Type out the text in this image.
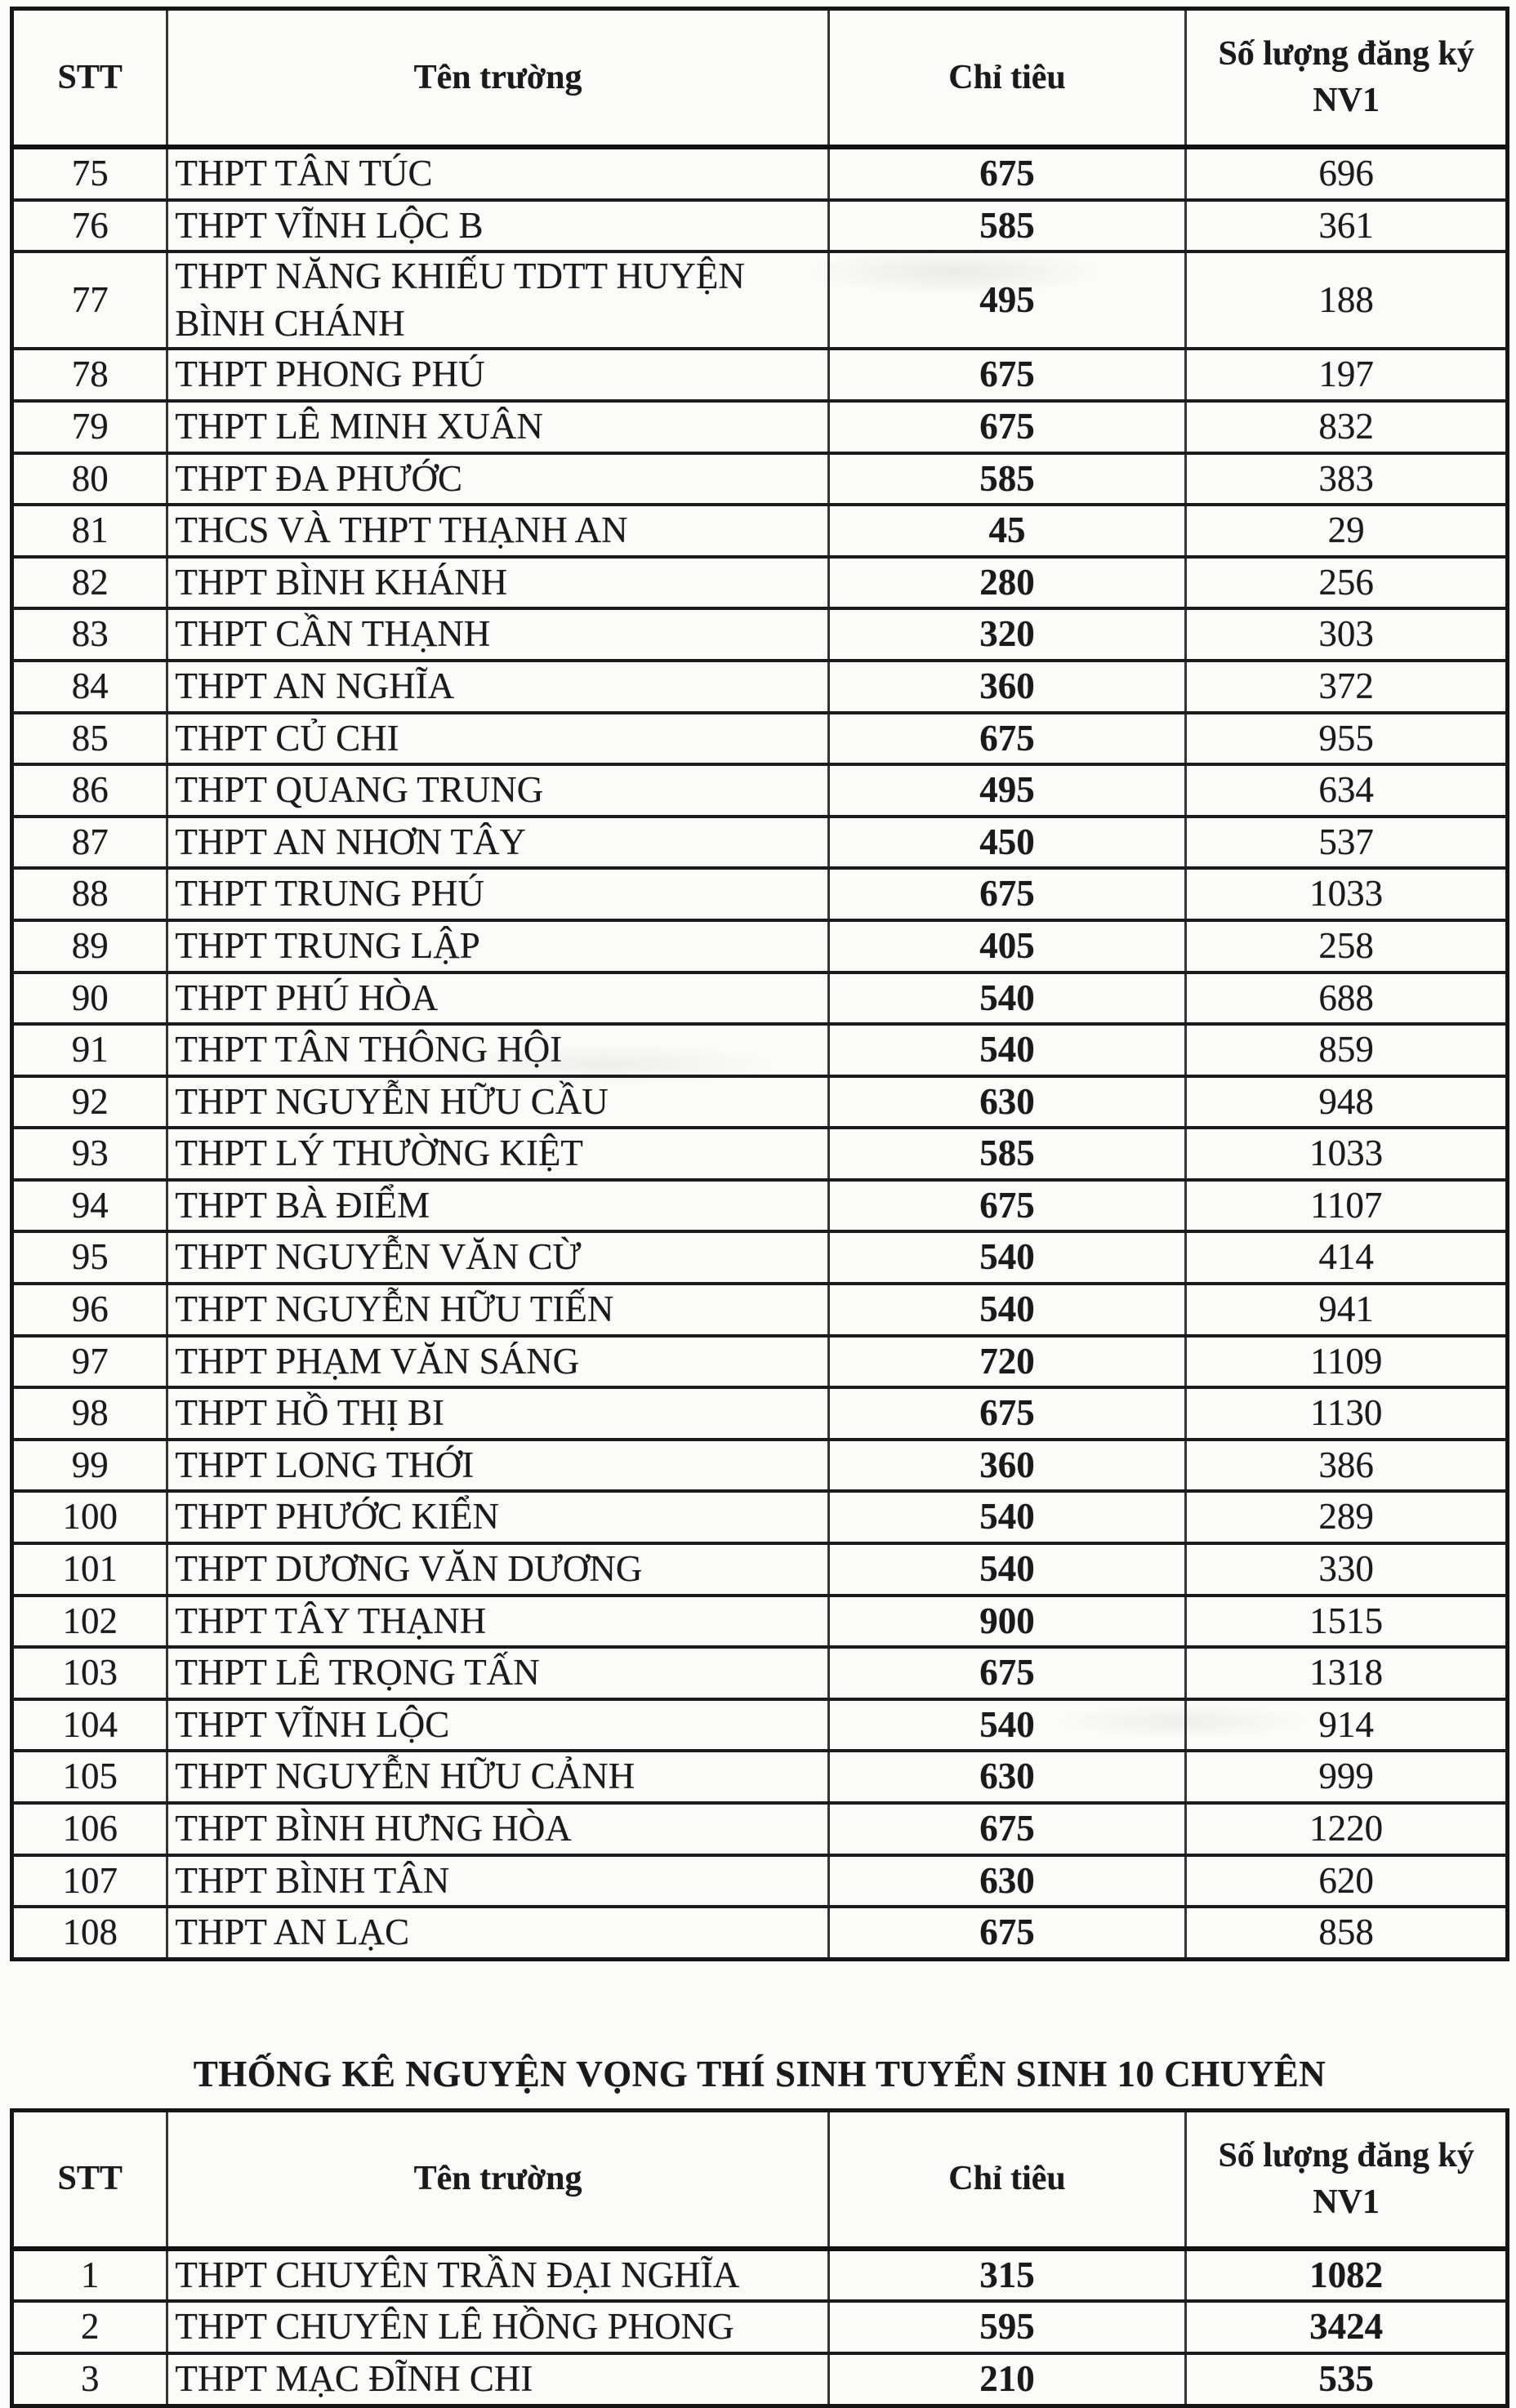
STT	Tên trường	Chỉ tiêu	Số lượng đăng ký NV1
75	THPT TÂN TÚC	675	696
76	THPT VĨNH LỘC B	585	361
77	THPT NĂNG KHIẾU TDTT HUYỆN BÌNH CHÁNH	495	188
78	THPT PHONG PHÚ	675	197
79	THPT LÊ MINH XUÂN	675	832
80	THPT ĐA PHƯỚC	585	383
81	THCS VÀ THPT THẠNH AN	45	29
82	THPT BÌNH KHÁNH	280	256
83	THPT CẦN THẠNH	320	303
84	THPT AN NGHĨA	360	372
85	THPT CỦ CHI	675	955
86	THPT QUANG TRUNG	495	634
87	THPT AN NHƠN TÂY	450	537
88	THPT TRUNG PHÚ	675	1033
89	THPT TRUNG LẬP	405	258
90	THPT PHÚ HÒA	540	688
91	THPT TÂN THÔNG HỘI	540	859
92	THPT NGUYỄN HỮU CẦU	630	948
93	THPT LÝ THƯỜNG KIỆT	585	1033
94	THPT BÀ ĐIỂM	675	1107
95	THPT NGUYỄN VĂN CỪ	540	414
96	THPT NGUYỄN HỮU TIẾN	540	941
97	THPT PHẠM VĂN SÁNG	720	1109
98	THPT HỒ THỊ BI	675	1130
99	THPT LONG THỚI	360	386
100	THPT PHƯỚC KIỂN	540	289
101	THPT DƯƠNG VĂN DƯƠNG	540	330
102	THPT TÂY THẠNH	900	1515
103	THPT LÊ TRỌNG TẤN	675	1318
104	THPT VĨNH LỘC	540	914
105	THPT NGUYỄN HỮU CẢNH	630	999
106	THPT BÌNH HƯNG HÒA	675	1220
107	THPT BÌNH TÂN	630	620
108	THPT AN LẠC	675	858
THỐNG KÊ NGUYỆN VỌNG THÍ SINH TUYỂN SINH 10 CHUYÊN
STT	Tên trường	Chỉ tiêu	Số lượng đăng ký NV1
1	THPT CHUYÊN TRẦN ĐẠI NGHĨA	315	1082
2	THPT CHUYÊN LÊ HỒNG PHONG	595	3424
3	THPT MẠC ĐĨNH CHI	210	535
